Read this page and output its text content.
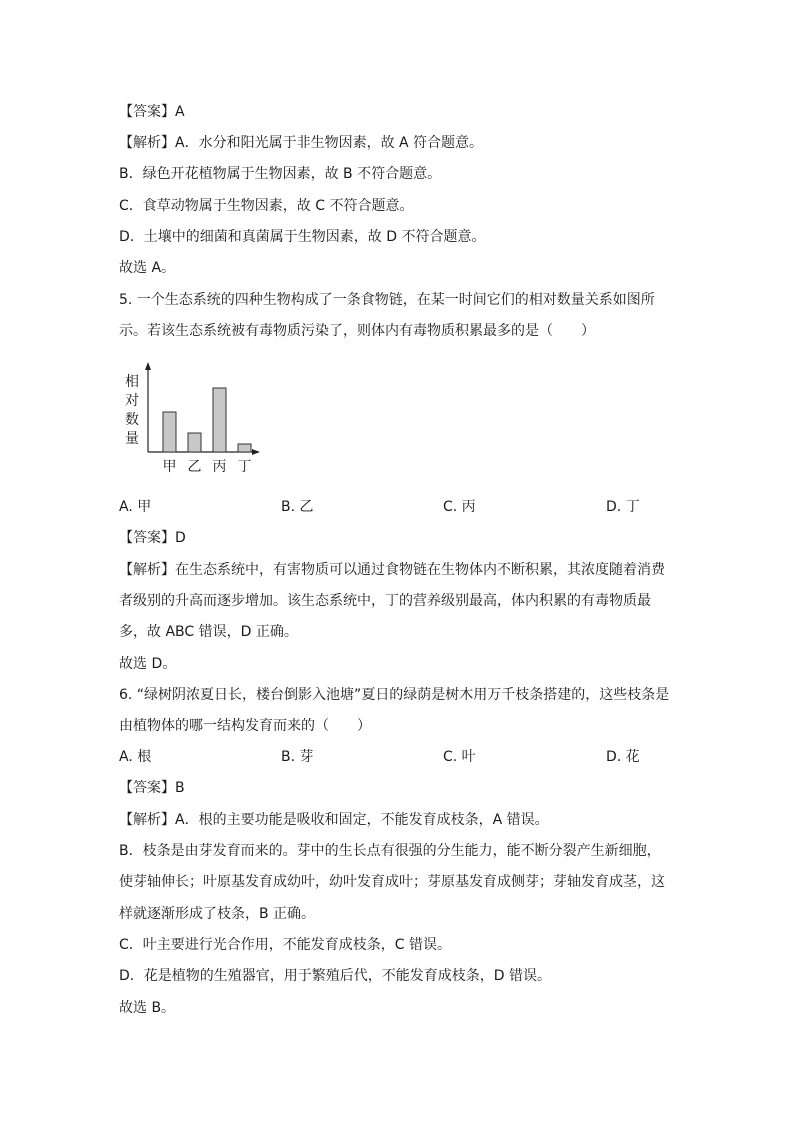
【答案】A
【解析】A．水分和阳光属于非生物因素，故 A 符合题意。
B．绿色开花植物属于生物因素，故 B 不符合题意。
C．食草动物属于生物因素，故 C 不符合题意。
D．土壤中的细菌和真菌属于生物因素，故 D 不符合题意。
故选 A。
5. 一个生态系统的四种生物构成了一条食物链，在某一时间它们的相对数量关系如图所
示。若该生态系统被有毒物质污染了，则体内有毒物质积累最多的是（　　）
相
对
数
量
甲 乙 丙 丁
A. 甲	B. 乙	C. 丙	D. 丁
【答案】D
【解析】在生态系统中，有害物质可以通过食物链在生物体内不断积累，其浓度随着消费
者级别的升高而逐步增加。该生态系统中，丁的营养级别最高，体内积累的有毒物质最
多，故 ABC 错误，D 正确。
故选 D。
6. “绿树阴浓夏日长，楼台倒影入池塘”夏日的绿荫是树木用万千枝条搭建的，这些枝条是
由植物体的哪一结构发育而来的（　　）
A. 根	B. 芽	C. 叶	D. 花
【答案】B
【解析】A．根的主要功能是吸收和固定，不能发育成枝条，A 错误。
B．枝条是由芽发育而来的。芽中的生长点有很强的分生能力，能不断分裂产生新细胞，
使芽轴伸长；叶原基发育成幼叶，幼叶发育成叶；芽原基发育成侧芽；芽轴发育成茎，这
样就逐渐形成了枝条，B 正确。
C．叶主要进行光合作用，不能发育成枝条，C 错误。
D．花是植物的生殖器官，用于繁殖后代，不能发育成枝条，D 错误。
故选 B。
